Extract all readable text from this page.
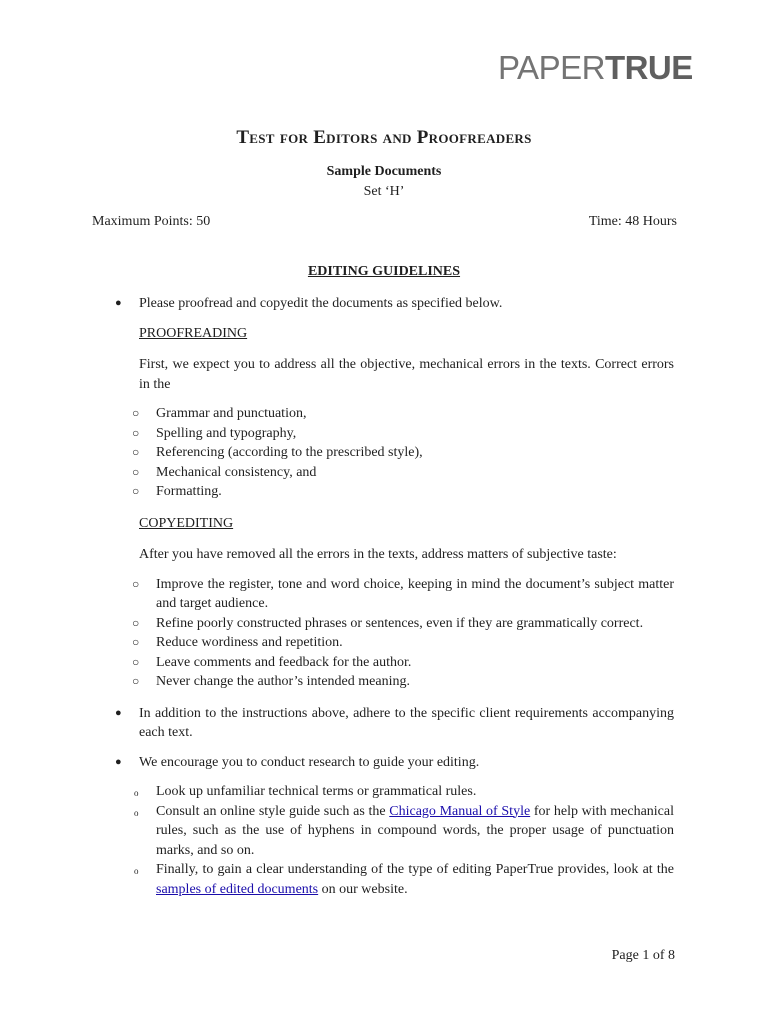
PAPERTRUE
Test for Editors and Proofreaders
Sample Documents
Set ‘H’
Maximum Points: 50	Time: 48 Hours
EDITING GUIDELINES
● Please proofread and copyedit the documents as specified below.
PROOFREADING
First, we expect you to address all the objective, mechanical errors in the texts. Correct errors in the
○ Grammar and punctuation,
○ Spelling and typography,
○ Referencing (according to the prescribed style),
○ Mechanical consistency, and
○ Formatting.
COPYEDITING
After you have removed all the errors in the texts, address matters of subjective taste:
○ Improve the register, tone and word choice, keeping in mind the document’s subject matter and target audience.
○ Refine poorly constructed phrases or sentences, even if they are grammatically correct.
○ Reduce wordiness and repetition.
○ Leave comments and feedback for the author.
○ Never change the author’s intended meaning.
● In addition to the instructions above, adhere to the specific client requirements accompanying each text.
● We encourage you to conduct research to guide your editing.
o Look up unfamiliar technical terms or grammatical rules.
o Consult an online style guide such as the Chicago Manual of Style for help with mechanical rules, such as the use of hyphens in compound words, the proper usage of punctuation marks, and so on.
o Finally, to gain a clear understanding of the type of editing PaperTrue provides, look at the samples of edited documents on our website.
Page 1 of 8
